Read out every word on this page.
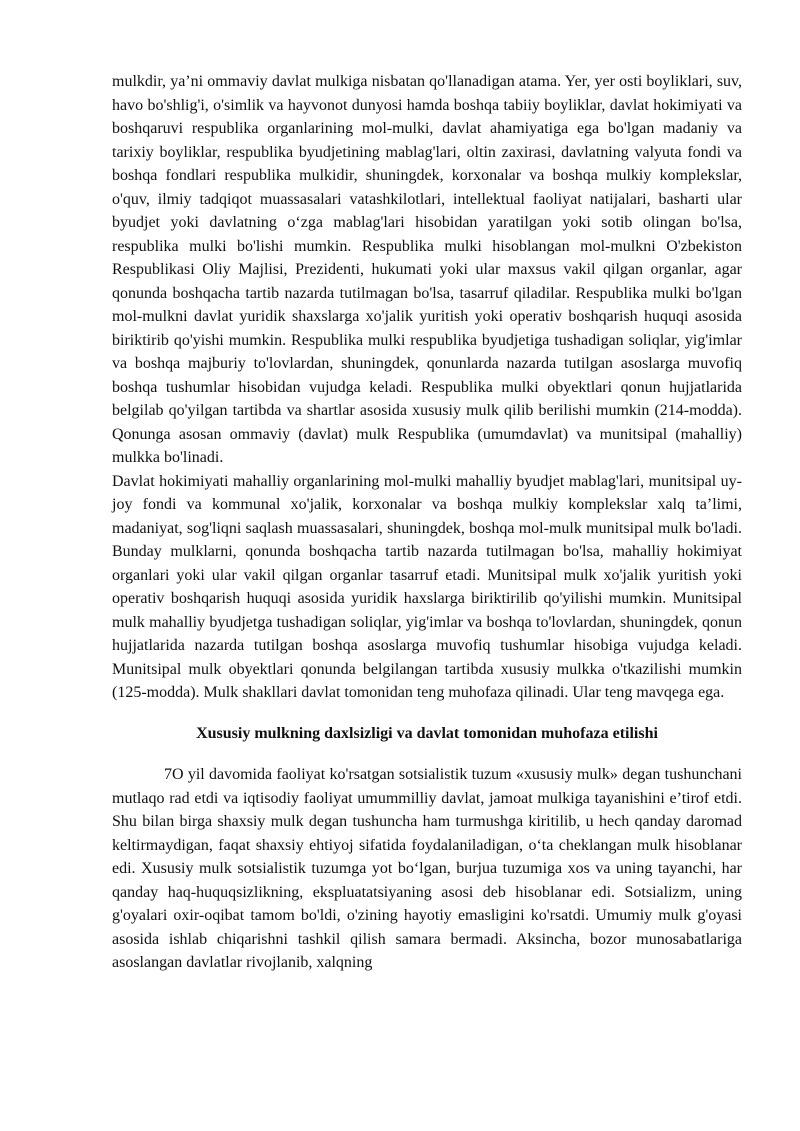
mulkdir, ya’ni ommaviy davlat mulkiga nisbatan qo'llanadigan atama. Yer, yer osti boyliklari, suv, havo bo'shlig'i, o'simlik va hayvonot dunyosi hamda boshqa tabiiy boyliklar, davlat hokimiyati va boshqaruvi respublika organlarining mol-mulki, davlat ahamiyatiga ega bo'lgan madaniy va tarixiy boyliklar, respublika byudjetining mablag'lari, oltin zaxirasi, davlatning valyuta fondi va boshqa fondlari respublika mulkidir, shuningdek, korxonalar va boshqa mulkiy komplekslar, o'quv, ilmiy tadqiqot muassasalari vatashkilotlari, intellektual faoliyat natijalari, basharti ular byudjet yoki davlatning o‘zga mablag'lari hisobidan yaratilgan yoki sotib olingan bo'lsa, respublika mulki bo'lishi mumkin. Respublika mulki hisoblangan mol-mulkni O'zbekiston Respublikasi Oliy Majlisi, Prezidenti, hukumati yoki ular maxsus vakil qilgan organlar, agar qonunda boshqacha tartib nazarda tutilmagan bo'lsa, tasarruf qiladilar. Respublika mulki bo'lgan mol-mulkni davlat yuridik shaxslarga xo'jalik yuritish yoki operativ boshqarish huquqi asosida biriktirib qo'yishi mumkin. Respublika mulki respublika byudjetiga tushadigan soliqlar, yig'imlar va boshqa majburiy to'lovlardan, shuningdek, qonunlarda nazarda tutilgan asoslarga muvofiq boshqa tushumlar hisobidan vujudga keladi. Respublika mulki obyektlari qonun hujjatlarida belgilab qo'yilgan tartibda va shartlar asosida xususiy mulk qilib berilishi mumkin (214-modda). Qonunga asosan ommaviy (davlat) mulk Respublika (umumdavlat) va munitsipal (mahalliy) mulkka bo'linadi.

Davlat hokimiyati mahalliy organlarining mol-mulki mahalliy byudjet mablag'lari, munitsipal uy-joy fondi va kommunal xo'jalik, korxonalar va boshqa mulkiy komplekslar xalq ta’limi, madaniyat, sog'liqni saqlash muassasalari, shuningdek, boshqa mol-mulk munitsipal mulk bo'ladi. Bunday mulklarni, qonunda boshqacha tartib nazarda tutilmagan bo'lsa, mahalliy hokimiyat organlari yoki ular vakil qilgan organlar tasarruf etadi. Munitsipal mulk xo'jalik yuritish yoki operativ boshqarish huquqi asosida yuridik haxslarga biriktirilib qo'yilishi mumkin. Munitsipal mulk mahalliy byudjetga tushadigan soliqlar, yig'imlar va boshqa to'lovlardan, shuningdek, qonun hujjatlarida nazarda tutilgan boshqa asoslarga muvofiq tushumlar hisobiga vujudga keladi. Munitsipal mulk obyektlari qonunda belgilangan tartibda xususiy mulkka o'tkazilishi mumkin (125-modda). Mulk shakllari davlat tomonidan teng muhofaza qilinadi. Ular teng mavqega ega.

Xususiy mulkning daxlsizligi va davlat tomonidan muhofaza etilishi

7O yil davomida faoliyat ko'rsatgan sotsialistik tuzum «xususiy mulk» degan tushunchani mutlaqo rad etdi va iqtisodiy faoliyat umummilliy davlat, jamoat mulkiga tayanishini e’tirof etdi. Shu bilan birga shaxsiy mulk degan tushuncha ham turmushga kiritilib, u hech qanday daromad keltirmaydigan, faqat shaxsiy ehtiyoj sifatida foydalaniladigan, o‘ta cheklangan mulk hisoblanar edi. Xususiy mulk sotsialistik tuzumga yot bo‘lgan, burjua tuzumiga xos va uning tayanchi, har qanday haq-huquqsizlikning, ekspluatatsiyaning asosi deb hisoblanar edi. Sotsializm, uning g'oyalari oxir-oqibat tamom bo'ldi, o'zining hayotiy emasligini ko'rsatdi. Umumiy mulk g'oyasi asosida ishlab chiqarishni tashkil qilish samara bermadi. Aksincha, bozor munosabatlariga asoslangan davlatlar rivojlanib, xalqning
